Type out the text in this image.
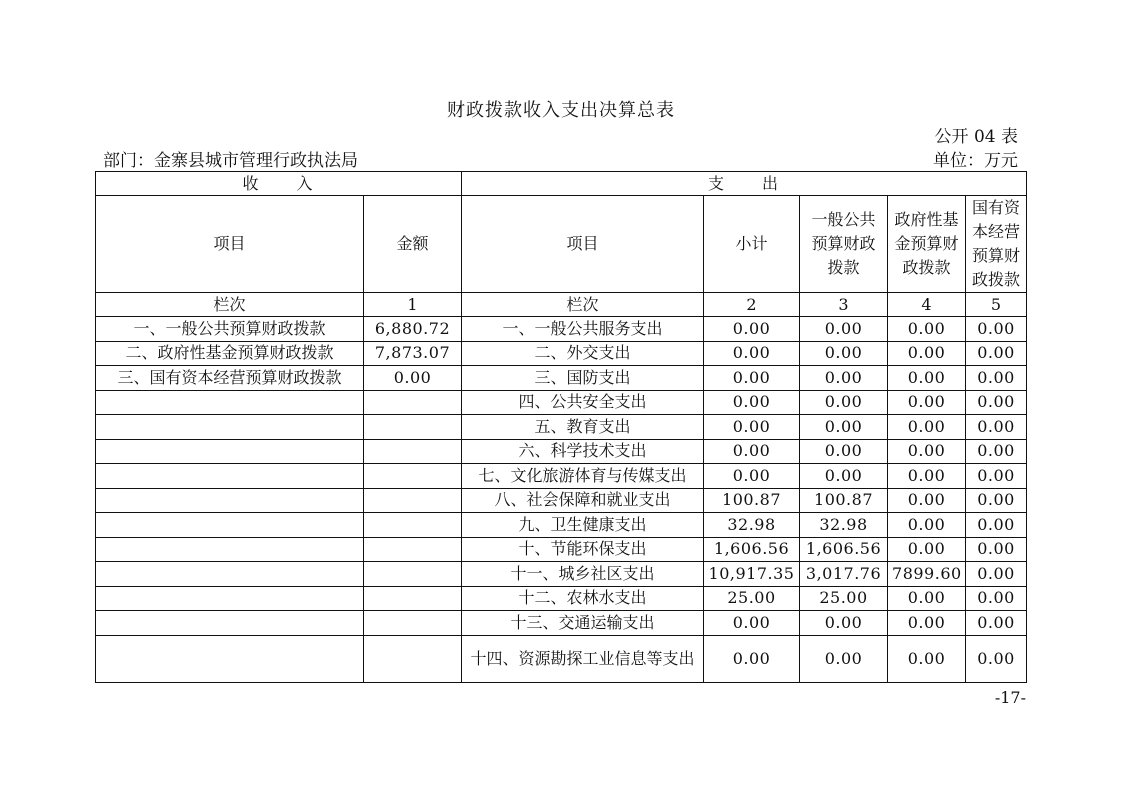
财政拨款收入支出决算总表
公开 04 表
部门：金寨县城市管理行政执法局	单位：万元
收　　入		支　　出				
项目	金额	项目	小计	一般公共预算财政拨款	政府性基金预算财政拨款	国有资本经营预算财政拨款
栏次	1	栏次	2	3	4	5
一、一般公共预算财政拨款	6,880.72	一、一般公共服务支出	0.00	0.00	0.00	0.00
二、政府性基金预算财政拨款	7,873.07	二、外交支出	0.00	0.00	0.00	0.00
三、国有资本经营预算财政拨款	0.00	三、国防支出	0.00	0.00	0.00	0.00
		四、公共安全支出	0.00	0.00	0.00	0.00
		五、教育支出	0.00	0.00	0.00	0.00
		六、科学技术支出	0.00	0.00	0.00	0.00
		七、文化旅游体育与传媒支出	0.00	0.00	0.00	0.00
		八、社会保障和就业支出	100.87	100.87	0.00	0.00
		九、卫生健康支出	32.98	32.98	0.00	0.00
		十、节能环保支出	1,606.56	1,606.56	0.00	0.00
		十一、城乡社区支出	10,917.35	3,017.76	7899.60	0.00
		十二、农林水支出	25.00	25.00	0.00	0.00
		十三、交通运输支出	0.00	0.00	0.00	0.00
		十四、资源勘探工业信息等支出	0.00	0.00	0.00	0.00
-17-
